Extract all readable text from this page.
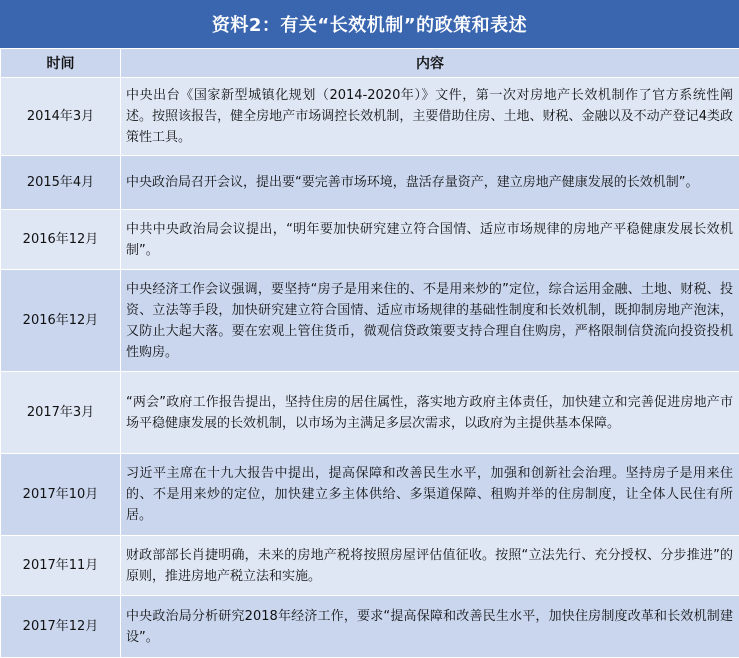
资料2：有关“长效机制”的政策和表述
时间	内容
2014年3月	中央出台《国家新型城镇化规划（2014-2020年）》文件，第一次对房地产长效机制作了官方系统性阐述。按照该报告，健全房地产市场调控长效机制，主要借助住房、土地、财税、金融以及不动产登记4类政策性工具。
2015年4月	中央政治局召开会议，提出要“要完善市场环境，盘活存量资产，建立房地产健康发展的长效机制”。
2016年12月	中共中央政治局会议提出，“明年要加快研究建立符合国情、适应市场规律的房地产平稳健康发展长效机制”。
2016年12月	中央经济工作会议强调，要坚持“房子是用来住的、不是用来炒的”定位，综合运用金融、土地、财税、投资、立法等手段，加快研究建立符合国情、适应市场规律的基础性制度和长效机制，既抑制房地产泡沫，又防止大起大落。要在宏观上管住货币，微观信贷政策要支持合理自住购房，严格限制信贷流向投资投机性购房。
2017年3月	“两会”政府工作报告提出，坚持住房的居住属性，落实地方政府主体责任，加快建立和完善促进房地产市场平稳健康发展的长效机制，以市场为主满足多层次需求，以政府为主提供基本保障。
2017年10月	习近平主席在十九大报告中提出，提高保障和改善民生水平，加强和创新社会治理。坚持房子是用来住的、不是用来炒的定位，加快建立多主体供给、多渠道保障、租购并举的住房制度，让全体人民住有所居。
2017年11月	财政部部长肖捷明确，未来的房地产税将按照房屋评估值征收。按照“立法先行、充分授权、分步推进”的原则，推进房地产税立法和实施。
2017年12月	中央政治局分析研究2018年经济工作，要求“提高保障和改善民生水平，加快住房制度改革和长效机制建设”。
